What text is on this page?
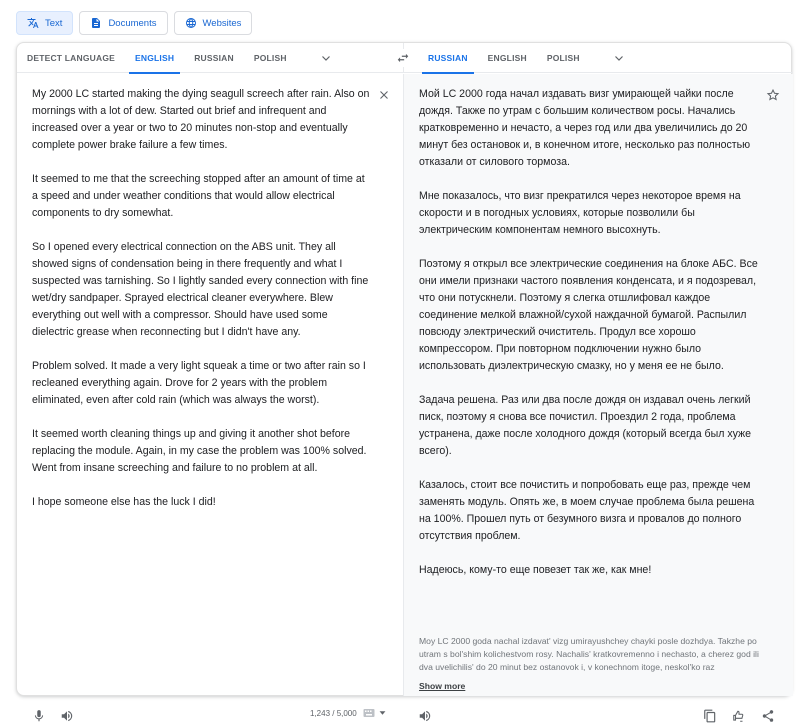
Text	Documents	Websites
DETECT LANGUAGE	ENGLISH	RUSSIAN	POLISH	RUSSIAN	ENGLISH	POLISH

My 2000 LC started making the dying seagull screech after rain. Also on mornings with a lot of dew. Started out brief and infrequent and increased over a year or two to 20 minutes non-stop and eventually complete power brake failure a few times.

It seemed to me that the screeching stopped after an amount of time at a speed and under weather conditions that would allow electrical components to dry somewhat.

So I opened every electrical connection on the ABS unit. They all showed signs of condensation being in there frequently and what I suspected was tarnishing. So I lightly sanded every connection with fine wet/dry sandpaper. Sprayed electrical cleaner everywhere. Blew everything out well with a compressor. Should have used some dielectric grease when reconnecting but I didn't have any.

Problem solved. It made a very light squeak a time or two after rain so I recleaned everything again. Drove for 2 years with the problem eliminated, even after cold rain (which was always the worst).

It seemed worth cleaning things up and giving it another shot before replacing the module. Again, in my case the problem was 100% solved. Went from insane screeching and failure to no problem at all.

I hope someone else has the luck I did!

1,243 / 5,000

Мой LC 2000 года начал издавать визг умирающей чайки после дождя. Также по утрам с большим количеством росы. Начались кратковременно и нечасто, а через год или два увеличились до 20 минут без остановок и, в конечном итоге, несколько раз полностью отказали от силового тормоза.

Мне показалось, что визг прекратился через некоторое время на скорости и в погодных условиях, которые позволили бы электрическим компонентам немного высохнуть.

Поэтому я открыл все электрические соединения на блоке АБС. Все они имели признаки частого появления конденсата, и я подозревал, что они потускнели. Поэтому я слегка отшлифовал каждое соединение мелкой влажной/сухой наждачной бумагой. Распылил повсюду электрический очиститель. Продул все хорошо компрессором. При повторном подключении нужно было использовать диэлектрическую смазку, но у меня ее не было.

Задача решена. Раз или два после дождя он издавал очень легкий писк, поэтому я снова все почистил. Проездил 2 года, проблема устранена, даже после холодного дождя (который всегда был хуже всего).

Казалось, стоит все почистить и попробовать еще раз, прежде чем заменять модуль. Опять же, в моем случае проблема была решена на 100%. Прошел путь от безумного визга и провалов до полного отсутствия проблем.

Надеюсь, кому-то еще повезет так же, как мне!

Moy LC 2000 goda nachal izdavat' vizg umirayushchey chayki posle dozhdya. Takzhe po utram s bol'shim kolichestvom rosy. Nachalis' kratkovremenno i nechasto, a cherez god ili dva uvelichilis' do 20 minut bez ostanovok i, v konechnom itoge, neskol'ko raz
Show more
